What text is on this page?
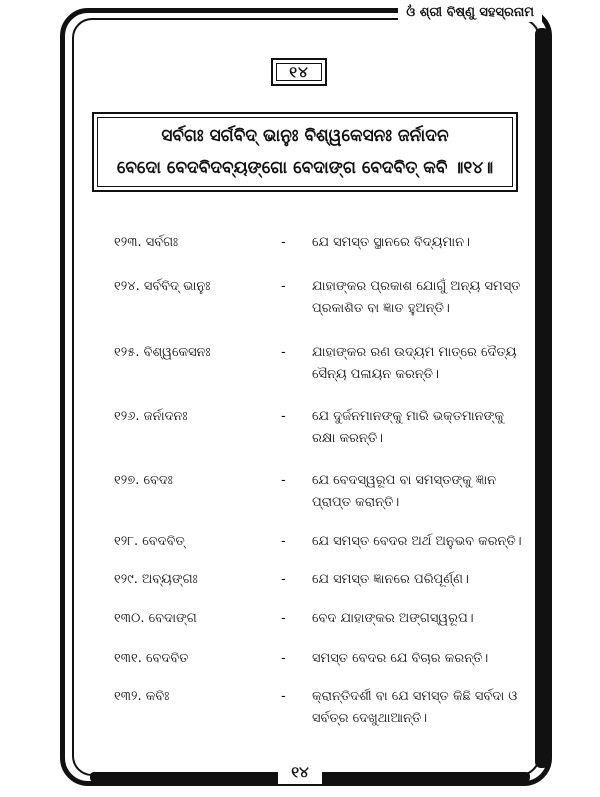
ଓଁ ଶ୍ରୀ ବିଷ୍ଣୁ ସହସ୍ରନାମ
୧୪
ସର୍ବଗଃ ସର୍ଗବିଦ୍ ଭାନୁଃ ବିଶ୍ୱକେସନଃ ଜର୍ନାଦନ
ବେଦୋ ବେଦବିଦବ୍ୟଙ୍ଗୋ ବେଦାଙ୍ଗ ବେଦବିତ୍ କବି ॥୧୪॥
୧୨୩. ସର୍ବଗଃ	- ଯେ ସମସ୍ତ ସ୍ଥାନରେ ବିଦ୍ୟମାନ।
୧୨୪. ସର୍ବବିଦ୍ ଭାନୁଃ	- ଯାହାଙ୍କର ପ୍ରକାଶ ଯୋଗୁଁ ଅନ୍ୟ ସମସ୍ତ ପ୍ରକାଶିତ ବା ଜ୍ଞାତ ହୁଅନ୍ତି।
୧୨୫. ବିଶ୍ୱକେସନଃ	- ଯାହାଙ୍କର ରଣ ଉଦ୍ୟମ ମାତ୍ରେ ଦୈତ୍ୟ ସୈନ୍ୟ ପଳାୟନ କରନ୍ତି।
୧୨୬. ଜର୍ନାଦନଃ	- ଯେ ଦୁର୍ଜନମାନଙ୍କୁ ମାରି ଭକ୍ତମାନଙ୍କୁ ରକ୍ଷା କରନ୍ତି।
୧୨୭. ବେଦଃ	- ଯେ ବେଦସ୍ୱରୂପ ବା ସମସ୍ତଙ୍କୁ ଜ୍ଞାନ ପ୍ରାପ୍ତ କରାନ୍ତି।
୧୨୮. ବେଦବିତ୍	- ଯେ ସମସ୍ତ ବେଦର ଅର୍ଥ ଅନୁଭବ କରନ୍ତି।
୧୨୯. ଅବ୍ୟଙ୍ଗଃ	- ଯେ ସମସ୍ତ ଜ୍ଞାନରେ ପରିପୂର୍ଣ୍ଣ।
୧୩୦. ବେଦାଙ୍ଗ	- ବେଦ ଯାହାଙ୍କର ଅଙ୍ଗସ୍ୱରୂପ।
୧୩୧. ବେଦବିତ	- ସମସ୍ତ ବେଦର ଯେ ବିଚାର କରନ୍ତି।
୧୩୨. କବିଃ	- କ୍ରାନ୍ତିଦର୍ଶୀ ବା ଯେ ସମସ୍ତ କିଛି ସର୍ବଦା ଓ ସର୍ବତ୍ର ଦେଖୁଥାଆନ୍ତି।
୧୪
